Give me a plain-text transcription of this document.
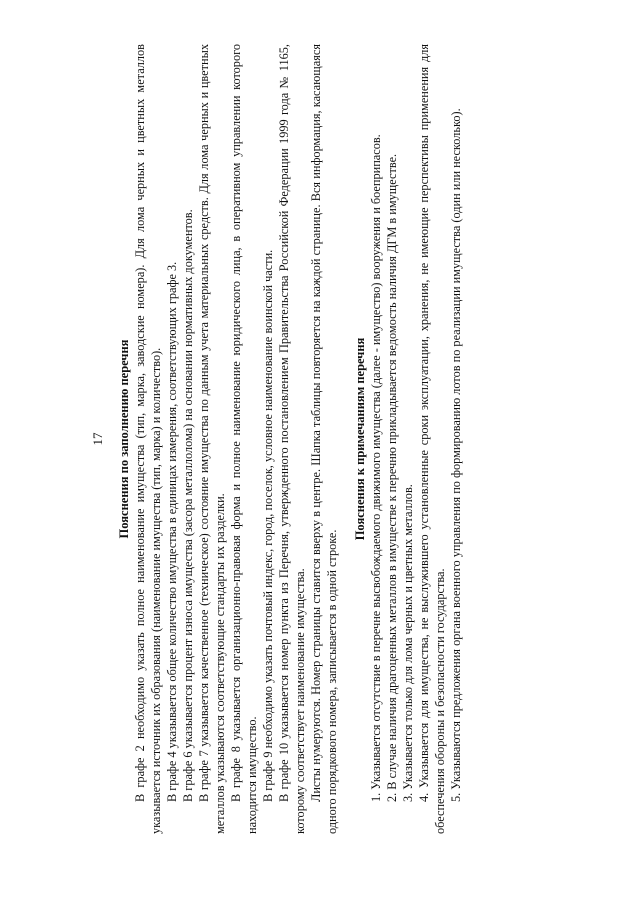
17 Пояснения по заполнению перечня В графе 2 необходимо указать полное наименование имущества (тип, марка, заводские номера). Для лома черных и цветных металлов указывается источник их образования (наименование имущества (тип, марка) и количество). В графе 4 указывается общее количество имущества в единицах измерения, соответствующих графе 3. В графе 6 указывается процент износа имущества (засора металлолома) на основании нормативных документов. В графе 7 указывается качественное (техническое) состояние имущества по данным учета материальных средств. Для лома черных и цветных металлов указываются соответствующие стандарты их разделки. В графе 8 указывается организационно-правовая форма и полное наименование юридического лица, в оперативном управлении которого находится имущество. В графе 9 необходимо указать почтовый индекс, город, поселок, условное наименование воинской части. В графе 10 указывается номер пункта из Перечня, утвержденного постановлением Правительства Российской Федерации 1999 года № 1165, которому соответствует наименование имущества. Листы нумеруются. Номер страницы ставится вверху в центре. Шапка таблицы повторяется на каждой странице. Вся информация, касающаяся одного порядкового номера, записывается в одной строке.

Пояснения к примечаниям перечня 1. Указывается отсутствие в перечне высвобождаемого движимого имущества (далее - имущество) вооружения и боеприпасов. 2. В случае наличия драгоценных металлов в имуществе к перечню прикладывается ведомость наличия ДГМ в имуществе. 3. Указывается только для лома черных и цветных металлов. 4. Указывается для имущества, не выслужившего установленные сроки эксплуатации, хранения, не имеющие перспективы применения для обеспечения обороны и безопасности государства. 5. Указываются предложения органа военного управления по формированию лотов по реализации имущества (один или несколько).
